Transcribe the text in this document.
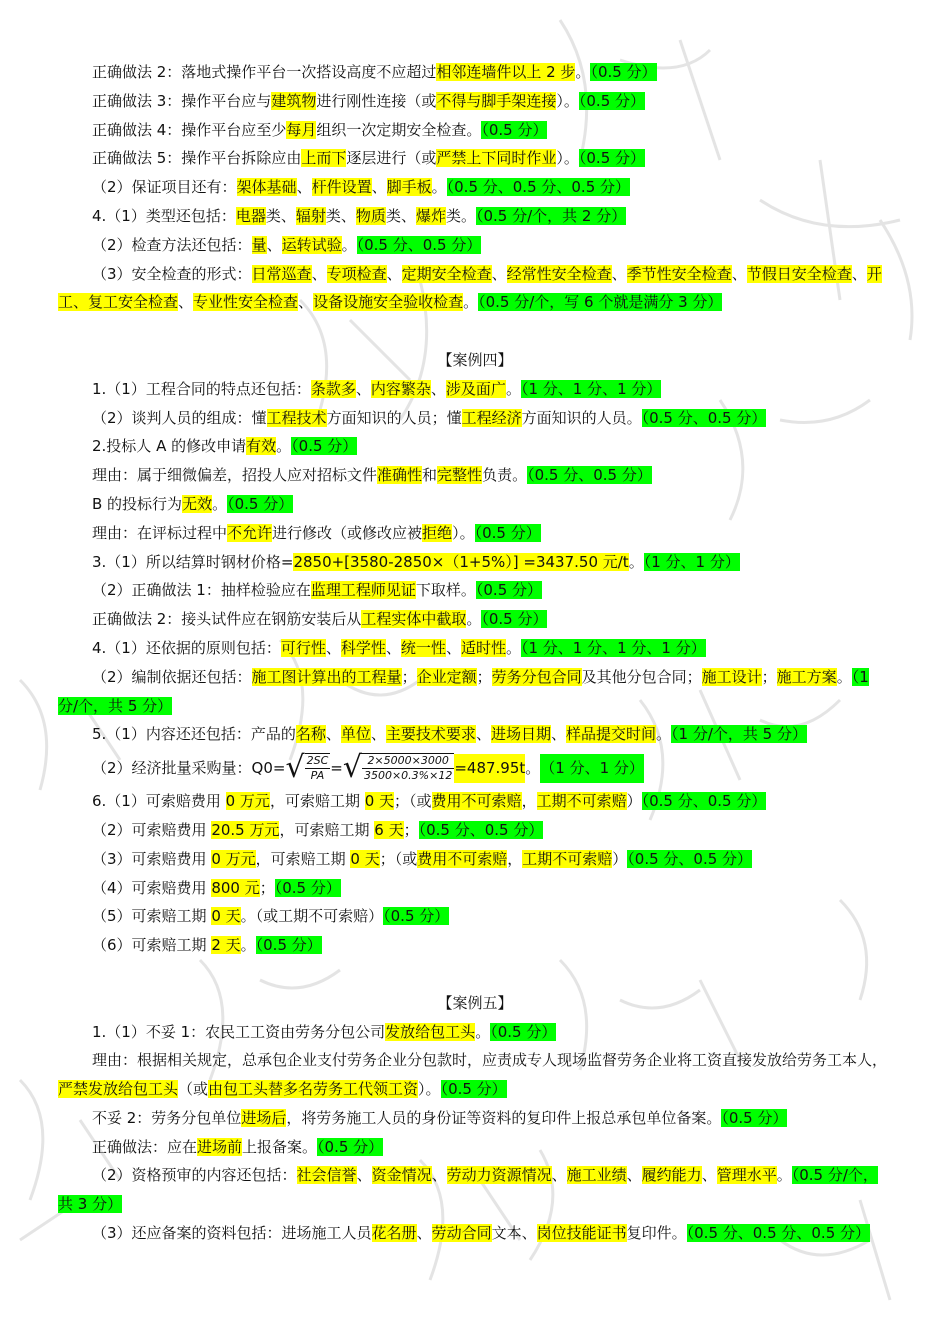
正确做法 2：落地式操作平台一次搭设高度不应超过相邻连墙件以上 2 步。（0.5 分）
正确做法 3：操作平台应与建筑物进行刚性连接（或不得与脚手架连接）。（0.5 分）
正确做法 4：操作平台应至少每月组织一次定期安全检查。（0.5 分）
正确做法 5：操作平台拆除应由上而下逐层进行（或严禁上下同时作业）。（0.5 分）
（2）保证项目还有：架体基础、杆件设置、脚手板。（0.5 分、0.5 分、0.5 分）
4.（1）类型还包括：电器类、辐射类、物质类、爆炸类。（0.5 分/个，共 2 分）
（2）检查方法还包括：量、运转试验。（0.5 分、0.5 分）
（3）安全检查的形式：日常巡查、专项检查、定期安全检查、经常性安全检查、季节性安全检查、节假日安全检查、开工、复工安全检查、专业性安全检查、设备设施安全验收检查。（0.5 分/个，写 6 个就是满分 3 分）
【案例四】
1.（1）工程合同的特点还包括：条款多、内容繁杂、涉及面广。（1 分、1 分、1 分）
（2）谈判人员的组成：懂工程技术方面知识的人员；懂工程经济方面知识的人员。（0.5 分、0.5 分）
2.投标人 A 的修改申请有效。（0.5 分）
理由：属于细微偏差，招投人应对招标文件准确性和完整性负责。（0.5 分、0.5 分）
B 的投标行为无效。（0.5 分）
理由：在评标过程中不允许进行修改（或修改应被拒绝）。（0.5 分）
3.（1）所以结算时钢材价格=2850+[3580-2850×（1+5%）] =3437.50 元/t。（1 分、1 分）
（2）正确做法 1：抽样检验应在监理工程师见证下取样。（0.5 分）
正确做法 2：接头试件应在钢筋安装后从工程实体中截取。（0.5 分）
4.（1）还依据的原则包括：可行性、科学性、统一性、适时性。（1 分、1 分、1 分、1 分）
（2）编制依据还包括：施工图计算出的工程量；企业定额；劳务分包合同及其他分包合同；施工设计；施工方案。（1 分/个，共 5 分）
5.（1）内容还还包括：产品的名称、单位、主要技术要求、进场日期、样品提交时间。（1 分/个，共 5 分）
（2）经济批量采购量：Q0= √ $\frac{2SC}{PA}$ = √ $\frac{2\times 5000\times 3000}{3500\times 0.3\%\times 12} =487.95t$ 。 （1 分、1 分）
6.（1）可索赔费用 0 万元，可索赔工期 0 天；（或费用不可索赔，工期不可索赔）（0.5 分、0.5 分）
（2）可索赔费用 20.5 万元，可索赔工期 6 天；（0.5 分、0.5 分）
（3）可索赔费用 0 万元，可索赔工期 0 天；（或费用不可索赔，工期不可索赔）（0.5 分、0.5 分）
（4）可索赔费用 800 元；（0.5 分）
（5）可索赔工期 0 天。（或工期不可索赔）（0.5 分）
（6）可索赔工期 2 天。（0.5 分）
【案例五】
1.（1）不妥 1：农民工工资由劳务分包公司发放给包工头。（0.5 分）
理由：根据相关规定，总承包企业支付劳务企业分包款时，应责成专人现场监督劳务企业将工资直接发放给劳务工本人，严禁发放给包工头（或由包工头替多名劳务工代领工资）。（0.5 分）
不妥 2：劳务分包单位进场后，将劳务施工人员的身份证等资料的复印件上报总承包单位备案。（0.5 分）
正确做法：应在进场前上报备案。（0.5 分）
（2）资格预审的内容还包括：社会信誉、资金情况、劳动力资源情况、施工业绩、履约能力、管理水平。（0.5 分/个，共 3 分）
（3）还应备案的资料包括：进场施工人员花名册、劳动合同文本、岗位技能证书复印件。（0.5 分、0.5 分、0.5 分）
